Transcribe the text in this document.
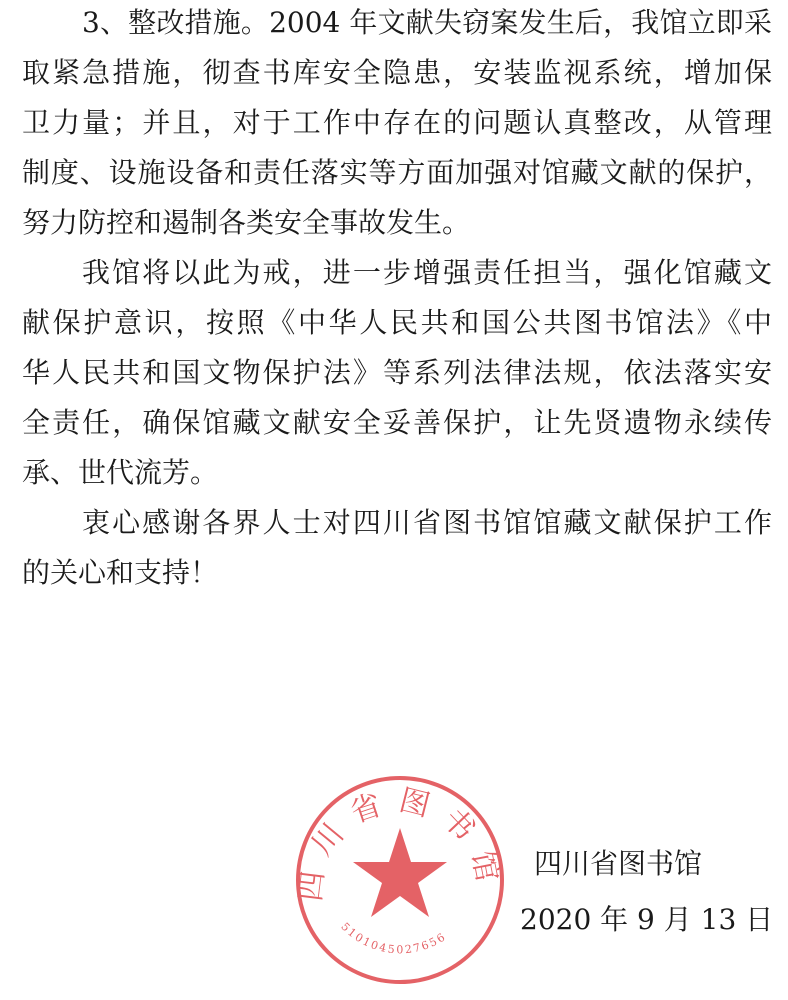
3、整改措施。2004 年文献失窃案发生后，我馆立即采
取紧急措施，彻查书库安全隐患，安装监视系统，增加保
卫力量；并且，对于工作中存在的问题认真整改，从管理
制度、设施设备和责任落实等方面加强对馆藏文献的保护，
努力防控和遏制各类安全事故发生。
我馆将以此为戒，进一步增强责任担当，强化馆藏文
献保护意识，按照《中华人民共和国公共图书馆法》《中
华人民共和国文物保护法》等系列法律法规，依法落实安
全责任，确保馆藏文献安全妥善保护，让先贤遗物永续传
承、世代流芳。
衷心感谢各界人士对四川省图书馆馆藏文献保护工作
的关心和支持！
四川省图书馆
5101045027656
四川省图书馆
2020 年 9 月 13 日
